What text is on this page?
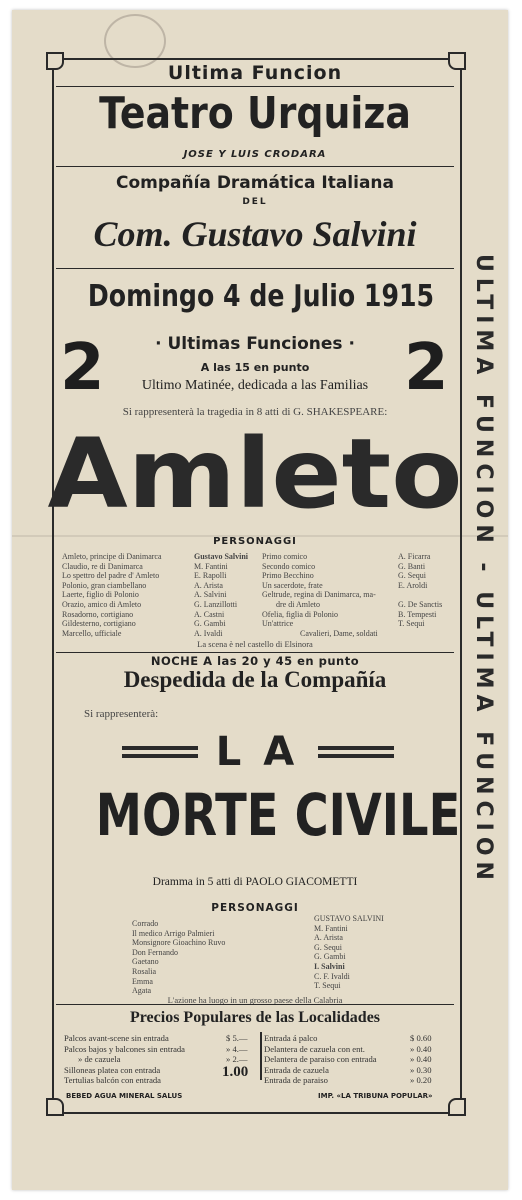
ULTIMA FUNCION - ULTIMA FUNCION
Ultima Funcion
Teatro Urquiza
JOSE Y LUIS CRODARA
Compañía Dramática Italiana
DEL
Com. Gustavo Salvini
Domingo 4 de Julio 1915
2	2
· Ultimas Funciones ·
A las 15 en punto
Ultimo Matinée, dedicada a las Familias
Si rappresenterà la tragedia in 8 atti di G. SHAKESPEARE:
Amleto
PERSONAGGI
Amleto, principe di Danimarca
Claudio, re di Danimarca
Lo spettro del padre d' Amleto
Polonio, gran ciambellano
Laerte, figlio di Polonio
Orazio, amico di Amleto
Rosadorno, cortigiano
Gildesterno, cortigiano
Marcello, ufficiale
Gustavo Salvini
M. Fantini
E. Rapolli
A. Arista
A. Salvini
G. Lanzillotti
A. Castni
G. Gambi
A. Ivaldi
Primo comico
Secondo comico
Primo Becchino
Un sacerdote, frate
Geltrude, regina di Danimarca, ma-
dre di Amleto
Ofelia, figlia di Polonio
Un'attrice
A. Ficarra
G. Banti
G. Sequi
E. Aroldi
G. De Sanctis
B. Tempesti
T. Sequi
Cavalieri, Dame, soldati
La scena è nel castello di Elsinora
NOCHE A las 20 y 45 en punto
Despedida de la Compañía
Si rappresenterà:
LA
MORTE CIVILE
Dramma in 5 atti di PAOLO GIACOMETTI
PERSONAGGI
Corrado
Il medico Arrigo Palmieri
Monsignore Gioachino Ruvo
Don Fernando
Gaetano
Rosalia
Emma
Agata
GUSTAVO SALVINI
M. Fantini
A. Arista
G. Sequi
G. Gambi
I. Salvini
C. F. Ivaldi
T. Sequi
L'azione ha luogo in un grosso paese della Calabria
Precios Populares de las Localidades
Palcos avant-scene sin entrada
Palcos bajos y balcones sin entrada
» de cazuela
Silloneas platea con entrada
Tertulias balcón con entrada
$ 5.—
» 4.—
» 2.—
1.00
Entrada á palco
Delantera de cazuela con ent.
Delantera de paraiso con entrada
Entrada de cazuela
Entrada de paraiso
$ 0.60
» 0.40
» 0.40
» 0.30
» 0.20
BEBED AGUA MINERAL SALUS	IMP. «LA TRIBUNA POPULAR»
